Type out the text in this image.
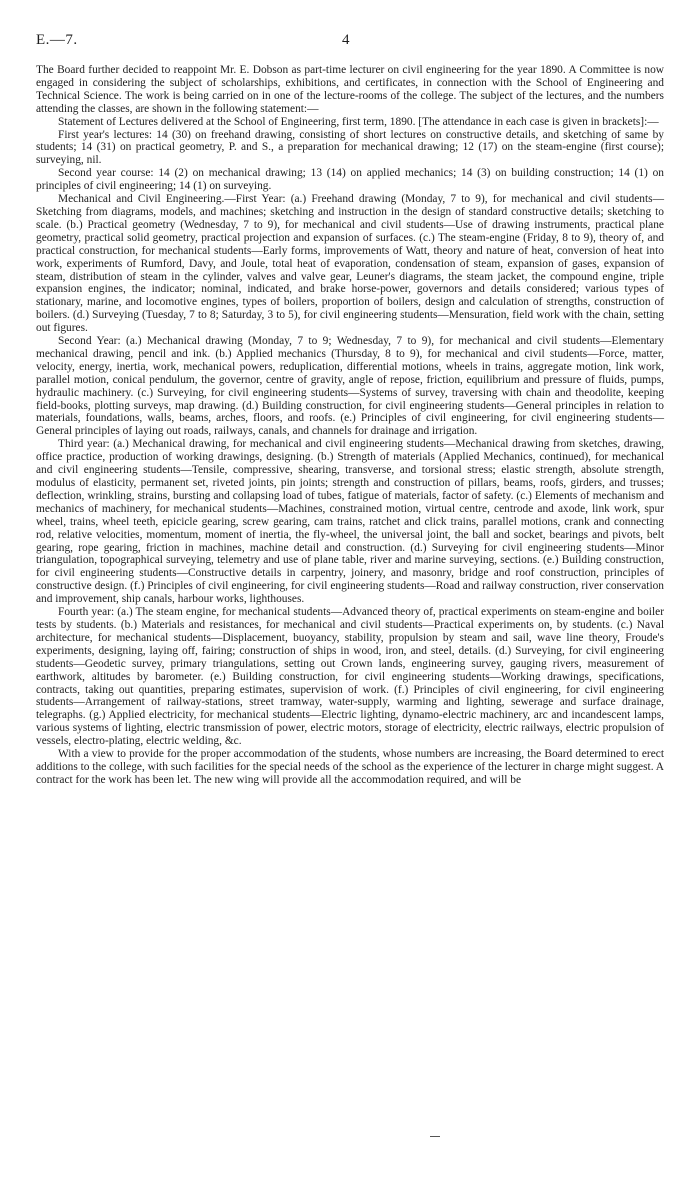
E.—7.	4

The Board further decided to reappoint Mr. E. Dobson as part-time lecturer on civil engineering for the year 1890. A Committee is now engaged in considering the subject of scholarships, exhibitions, and certificates, in connection with the School of Engineering and Technical Science. The work is being carried on in one of the lecture-rooms of the college. The subject of the lectures, and the numbers attending the classes, are shown in the following statement:—

Statement of Lectures delivered at the School of Engineering, first term, 1890. [The attendance in each case is given in brackets]:—

First year's lectures: 14 (30) on freehand drawing, consisting of short lectures on constructive details, and sketching of same by students; 14 (31) on practical geometry, P. and S., a preparation for mechanical drawing; 12 (17) on the steam-engine (first course); surveying, nil.

Second year course: 14 (2) on mechanical drawing; 13 (14) on applied mechanics; 14 (3) on building construction; 14 (1) on principles of civil engineering; 14 (1) on surveying.

Mechanical and Civil Engineering.—First Year: (a.) Freehand drawing (Monday, 7 to 9), for mechanical and civil students—Sketching from diagrams, models, and machines; sketching and instruction in the design of standard constructive details; sketching to scale. (b.) Practical geometry (Wednesday, 7 to 9), for mechanical and civil students—Use of drawing instruments, practical plane geometry, practical solid geometry, practical projection and expansion of surfaces. (c.) The steam-engine (Friday, 8 to 9), theory of, and practical construction, for mechanical students—Early forms, improvements of Watt, theory and nature of heat, conversion of heat into work, experiments of Rumford, Davy, and Joule, total heat of evaporation, condensation of steam, expansion of gases, expansion of steam, distribution of steam in the cylinder, valves and valve gear, Leuner's diagrams, the steam jacket, the compound engine, triple expansion engines, the indicator; nominal, indicated, and brake horse-power, governors and details considered; various types of stationary, marine, and locomotive engines, types of boilers, proportion of boilers, design and calculation of strengths, construction of boilers. (d.) Surveying (Tuesday, 7 to 8; Saturday, 3 to 5), for civil engineering students—Mensuration, field work with the chain, setting out figures.

Second Year: (a.) Mechanical drawing (Monday, 7 to 9; Wednesday, 7 to 9), for mechanical and civil students—Elementary mechanical drawing, pencil and ink. (b.) Applied mechanics (Thursday, 8 to 9), for mechanical and civil students—Force, matter, velocity, energy, inertia, work, mechanical powers, reduplication, differential motions, wheels in trains, aggregate motion, link work, parallel motion, conical pendulum, the governor, centre of gravity, angle of repose, friction, equilibrium and pressure of fluids, pumps, hydraulic machinery. (c.) Surveying, for civil engineering students—Systems of survey, traversing with chain and theodolite, keeping field-books, plotting surveys, map drawing. (d.) Building construction, for civil engineering students—General principles in relation to materials, foundations, walls, beams, arches, floors, and roofs. (e.) Principles of civil engineering, for civil engineering students—General principles of laying out roads, railways, canals, and channels for drainage and irrigation.

Third year: (a.) Mechanical drawing, for mechanical and civil engineering students—Mechanical drawing from sketches, drawing, office practice, production of working drawings, designing. (b.) Strength of materials (Applied Mechanics, continued), for mechanical and civil engineering students—Tensile, compressive, shearing, transverse, and torsional stress; elastic strength, absolute strength, modulus of elasticity, permanent set, riveted joints, pin joints; strength and construction of pillars, beams, roofs, girders, and trusses; deflection, wrinkling, strains, bursting and collapsing load of tubes, fatigue of materials, factor of safety. (c.) Elements of mechanism and mechanics of machinery, for mechanical students—Machines, constrained motion, virtual centre, centrode and axode, link work, spur wheel, trains, wheel teeth, epicicle gearing, screw gearing, cam trains, ratchet and click trains, parallel motions, crank and connecting rod, relative velocities, momentum, moment of inertia, the fly-wheel, the universal joint, the ball and socket, bearings and pivots, belt gearing, rope gearing, friction in machines, machine detail and construction. (d.) Surveying for civil engineering students—Minor triangulation, topographical surveying, telemetry and use of plane table, river and marine surveying, sections. (e.) Building construction, for civil engineering students—Constructive details in carpentry, joinery, and masonry, bridge and roof construction, principles of constructive design. (f.) Principles of civil engineering, for civil engineering students—Road and railway construction, river conservation and improvement, ship canals, harbour works, lighthouses.

Fourth year: (a.) The steam engine, for mechanical students—Advanced theory of, practical experiments on steam-engine and boiler tests by students. (b.) Materials and resistances, for mechanical and civil students—Practical experiments on, by students. (c.) Naval architecture, for mechanical students—Displacement, buoyancy, stability, propulsion by steam and sail, wave line theory, Froude's experiments, designing, laying off, fairing; construction of ships in wood, iron, and steel, details. (d.) Surveying, for civil engineering students—Geodetic survey, primary triangulations, setting out Crown lands, engineering survey, gauging rivers, measurement of earthwork, altitudes by barometer. (e.) Building construction, for civil engineering students—Working drawings, specifications, contracts, taking out quantities, preparing estimates, supervision of work. (f.) Principles of civil engineering, for civil engineering students—Arrangement of railway-stations, street tramway, water-supply, warming and lighting, sewerage and surface drainage, telegraphs. (g.) Applied electricity, for mechanical students—Electric lighting, dynamo-electric machinery, arc and incandescent lamps, various systems of lighting, electric transmission of power, electric motors, storage of electricity, electric railways, electric propulsion of vessels, electro-plating, electric welding, &c.

With a view to provide for the proper accommodation of the students, whose numbers are increasing, the Board determined to erect additions to the college, with such facilities for the special needs of the school as the experience of the lecturer in charge might suggest. A contract for the work has been let. The new wing will provide all the accommodation required, and will be
